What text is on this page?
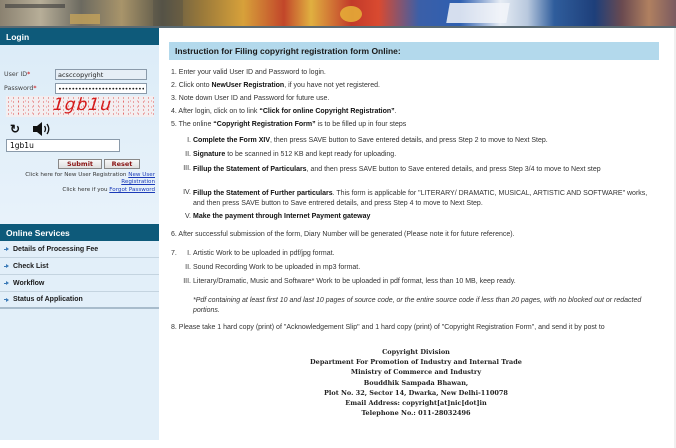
Login
User ID*
acsccopyright
Password*
••••••••••••••••••••••••••••
1gb1u
↻
1gb1u
Submit	Reset
Click here for New User Registration New User Registration
Click here if you Forgot Password
Online Services
Details of Processing Fee
Check List
Workflow
Status of Application
Instruction for Filing copyright registration form Online:
1. Enter your valid User ID and Password to login.
2. Click onto NewUser Registration, if you have not yet registered.
3. Note down User ID and Password for future use.
4. After login, click on to link “Click for online Copyright Registration”.
5. The online “Copyright Registration Form” is to be filled up in four steps
I. Complete the Form XIV, then press SAVE button to Save entered details, and press Step 2 to move to Next Step.
II. Signature to be scanned in 512 KB and kept ready for uploading.
III. Fillup the Statement of Particulars, and then press SAVE button to Save entered details, and press Step 3/4 to move to Next step
IV. Fillup the Statement of Further particulars. This form is applicable for "LITERARY/ DRAMATIC, MUSICAL, ARTISTIC AND SOFTWARE" works, and then press SAVE button to Save entrered details, and press Step 4 to move to Next Step.
V. Make the payment through Internet Payment gateway
6. After successful submission of the form, Diary Number will be generated (Please note it for future reference).
7.	I. Artistic Work to be uploaded in pdf/jpg format.
II. Sound Recording Work to be uploaded in mp3 format.
III. Literary/Dramatic, Music and Software* Work to be uploaded in pdf format, less than 10 MB, keep ready.
*Pdf containing at least first 10 and last 10 pages of source code, or the entire source code if less than 20 pages, with no blocked out or redacted portions.
8. Please take 1 hard copy (print) of "Acknowledgement Slip" and 1 hard copy (print) of "Copyright Registration Form", and send it by post to
Copyright Division
Department For Promotion of Industry and Internal Trade
Ministry of Commerce and Industry
Bouddhik Sampada Bhawan,
Plot No. 32, Sector 14, Dwarka, New Delhi-110078
Email Address: copyright[at]nic[dot]in
Telephone No.: 011-28032496
